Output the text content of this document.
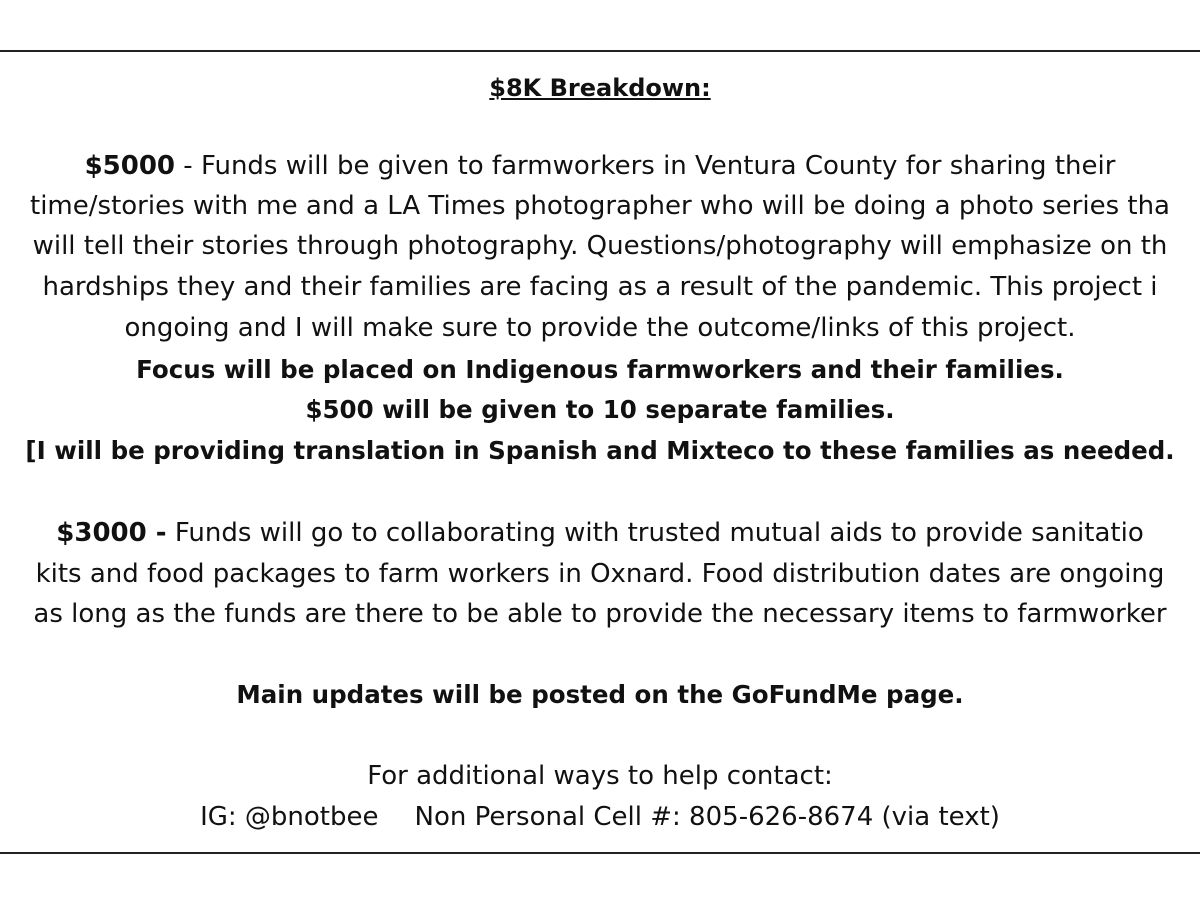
$8K Breakdown:
$5000 - Funds will be given to farmworkers in Ventura County for sharing their
time/stories with me and a LA Times photographer who will be doing a photo series tha
will tell their stories through photography. Questions/photography will emphasize on th
hardships they and their families are facing as a result of the pandemic. This project i
ongoing and I will make sure to provide the outcome/links of this project.
Focus will be placed on Indigenous farmworkers and their families.
$500 will be given to 10 separate families.
[I will be providing translation in Spanish and Mixteco to these families as needed.
$3000 - Funds will go to collaborating with trusted mutual aids to provide sanitatio
kits and food packages to farm workers in Oxnard. Food distribution dates are ongoing
as long as the funds are there to be able to provide the necessary items to farmworker
Main updates will be posted on the GoFundMe page.
For additional ways to help contact:
IG: @bnotbee Non Personal Cell #: 805-626-8674 (via text)
